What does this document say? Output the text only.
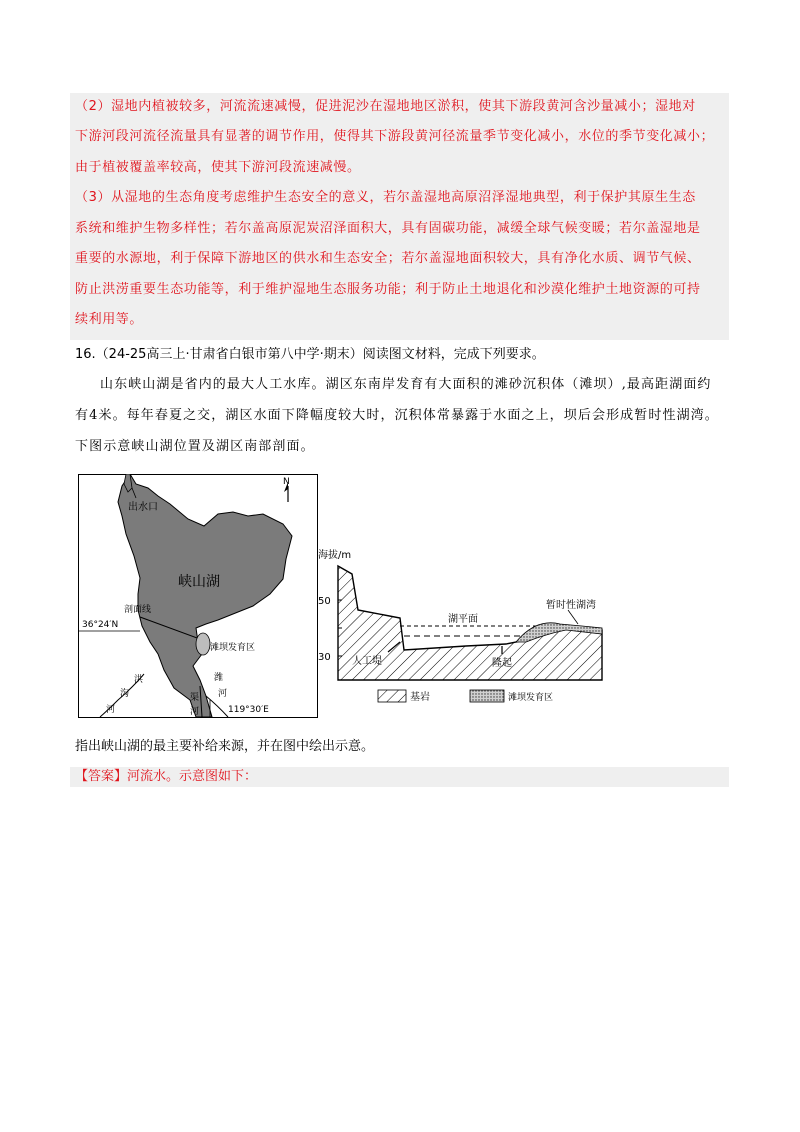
（2）湿地内植被较多，河流流速减慢，促进泥沙在湿地地区淤积，使其下游段黄河含沙量减小；湿地对
下游河段河流径流量具有显著的调节作用，使得其下游段黄河径流量季节变化减小，水位的季节变化减小；
由于植被覆盖率较高，使其下游河段流速减慢。
（3）从湿地的生态角度考虑维护生态安全的意义，若尔盖湿地高原沼泽湿地典型，利于保护其原生生态
系统和维护生物多样性；若尔盖高原泥炭沼泽面积大，具有固碳功能，减缓全球气候变暖；若尔盖湿地是
重要的水源地，利于保障下游地区的供水和生态安全；若尔盖湿地面积较大，具有净化水质、调节气候、
防止洪涝重要生态功能等，利于维护湿地生态服务功能；利于防止土地退化和沙漠化维护土地资源的可持
续利用等。
16.（24-25高三上·甘肃省白银市第八中学·期末）阅读图文材料，完成下列要求。
山东峡山湖是省内的最大人工水库。湖区东南岸发育有大面积的滩砂沉积体（滩坝）,最高距湖面约
有4米。每年春夏之交，湖区水面下降幅度较大时，沉积体常暴露于水面之上，坝后会形成暂时性湖湾。
下图示意峡山湖位置及湖区南部剖面。
出水口
N
峡山湖
剖面线
36°24′N
滩坝发育区
洪
沟
河
潍
河
渠
河	119°30′E
海拔/m
50
30
湖平面
暂时性湖湾
人工堤	隆起
基岩	滩坝发育区
指出峡山湖的最主要补给来源，并在图中绘出示意。
【答案】河流水。示意图如下：
